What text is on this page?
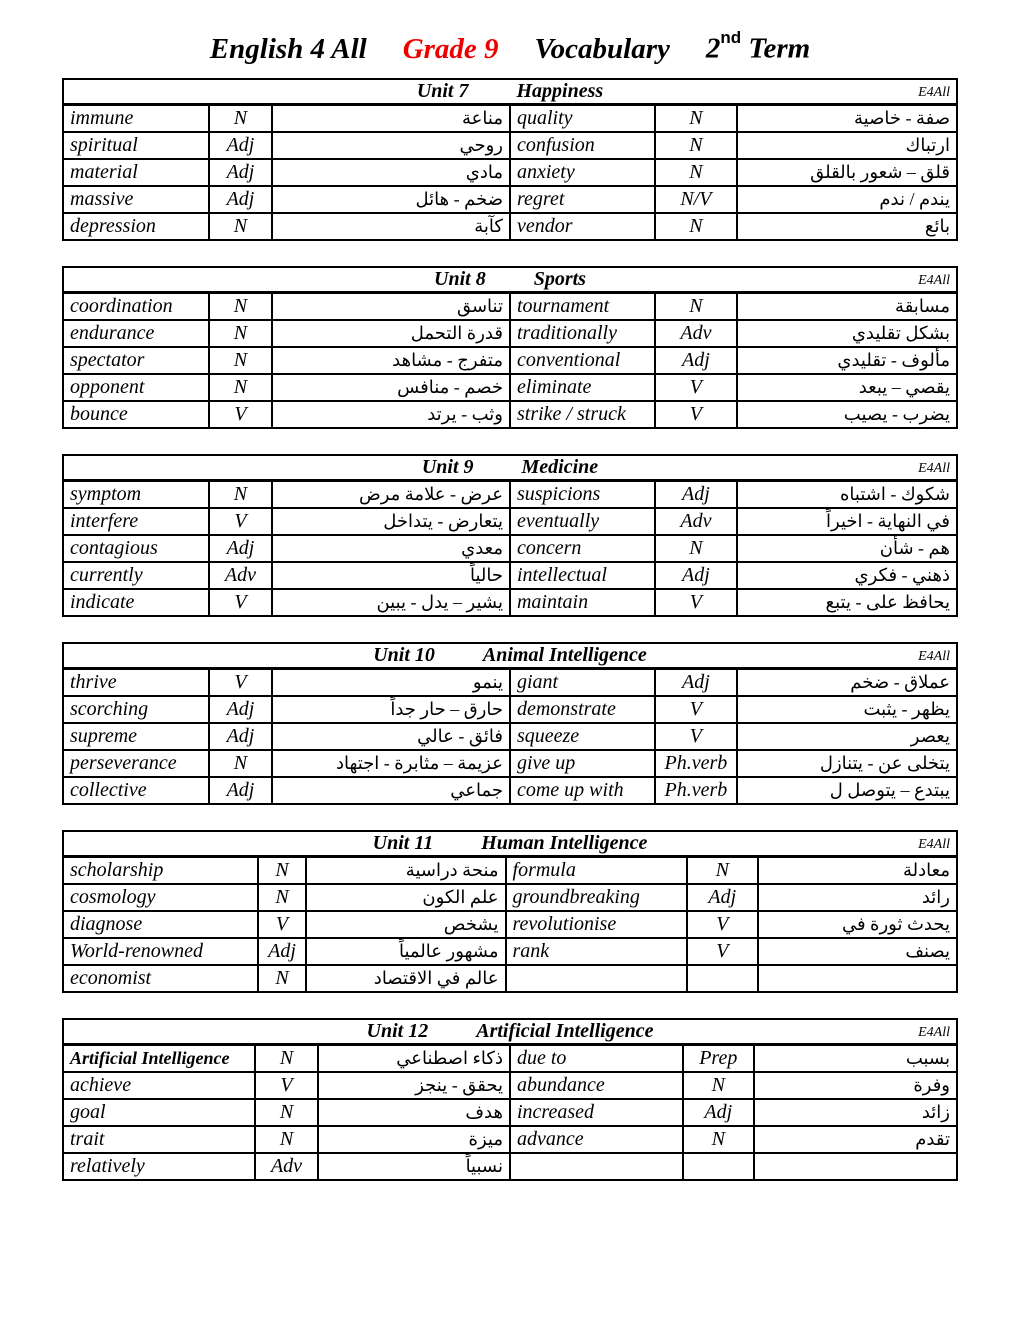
English 4 All Grade 9 Vocabulary 2nd Term
Unit 7 Happiness E4All					

immune	N	مناعة	quality	N	صفة - خاصية
spiritual	Adj	روحي	confusion	N	ارتباك
material	Adj	مادي	anxiety	N	قلق – شعور بالقلق
massive	Adj	ضخم - هائل	regret	N/V	يندم / ندم
depression	N	كآبة	vendor	N	بائع
Unit 8 Sports E4All					

coordination	N	تناسق	tournament	N	مسابقة
endurance	N	قدرة التحمل	traditionally	Adv	بشكل تقليدي
spectator	N	متفرج - مشاهد	conventional	Adj	مألوف - تقليدي
opponent	N	خصم - منافس	eliminate	V	يقصي – يبعد
bounce	V	وثب - يرتد	strike / struck	V	يضرب - يصيب
Unit 9 Medicine E4All					

symptom	N	عرض - علامة مرض	suspicions	Adj	شكوك - اشتباه
interfere	V	يتعارض - يتداخل	eventually	Adv	في النهاية - اخيراً
contagious	Adj	معدي	concern	N	هم - شأن
currently	Adv	حالياً	intellectual	Adj	ذهني - فكري
indicate	V	يشير – يدل - يبين	maintain	V	يحافظ على - يتبع
Unit 10 Animal Intelligence E4All					

thrive	V	ينمو	giant	Adj	عملاق - ضخم
scorching	Adj	حارق – حار جداً	demonstrate	V	يظهر - يثبت
supreme	Adj	فائق - عالي	squeeze	V	يعصر
perseverance	N	عزيمة – مثابرة - اجتهاد	give up	Ph.verb	يتخلى عن - يتنازل
collective	Adj	جماعي	come up with	Ph.verb	يبتدع – يتوصل ل
Unit 11 Human Intelligence E4All					

scholarship	N	منحة دراسية	formula	N	معادلة
cosmology	N	علم الكون	groundbreaking	Adj	رائد
diagnose	V	يشخص	revolutionise	V	يحدث ثورة في
World-renowned	Adj	مشهور عالمياً	rank	V	يصنف
economist	N	عالم في الاقتصاد			
Unit 12 Artificial Intelligence E4All					

Artificial Intelligence	N	ذكاء اصطناعي	due to	Prep	بسبب
achieve	V	يحقق - ينجز	abundance	N	وفرة
goal	N	هدف	increased	Adj	زائد
trait	N	ميزة	advance	N	تقدم
relatively	Adv	نسبياً			
